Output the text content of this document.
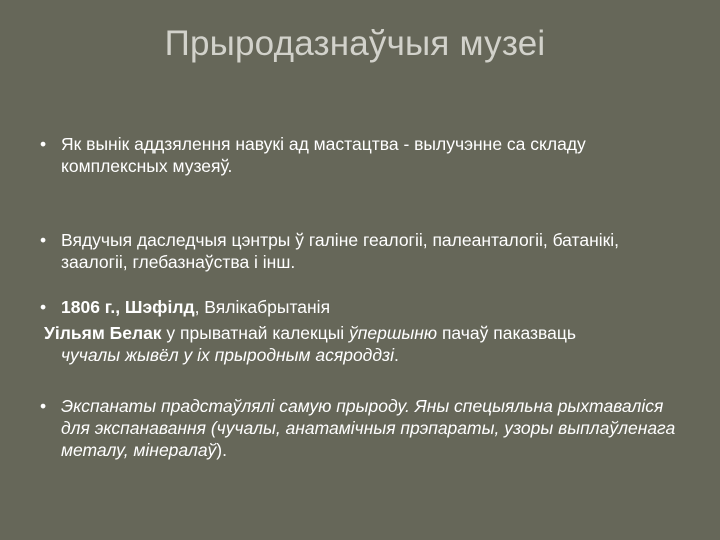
Прыродазнаўчыя музеі
• Як вынік аддзялення навукі ад мастацтва - вылучэнне са складу комплексных музеяў.
• Вядучыя даследчыя цэнтры ў галіне геалогіі, палеанталогіі, батанікі, заалогіі, глебазнаўства і інш.
• 1806 г., Шэфілд, Вялікабрытанія
Уільям Белак у прыватнай калекцыі ўпершыню пачаў паказваць
чучалы жывёл у іх прыродным асяроддзі.
• Экспанаты прадстаўлялі самую прыроду. Яны спецыяльна рыхтаваліся для экспанавання (чучалы, анатамічныя прэпараты, узоры выплаўленага металу, мінералаў).
